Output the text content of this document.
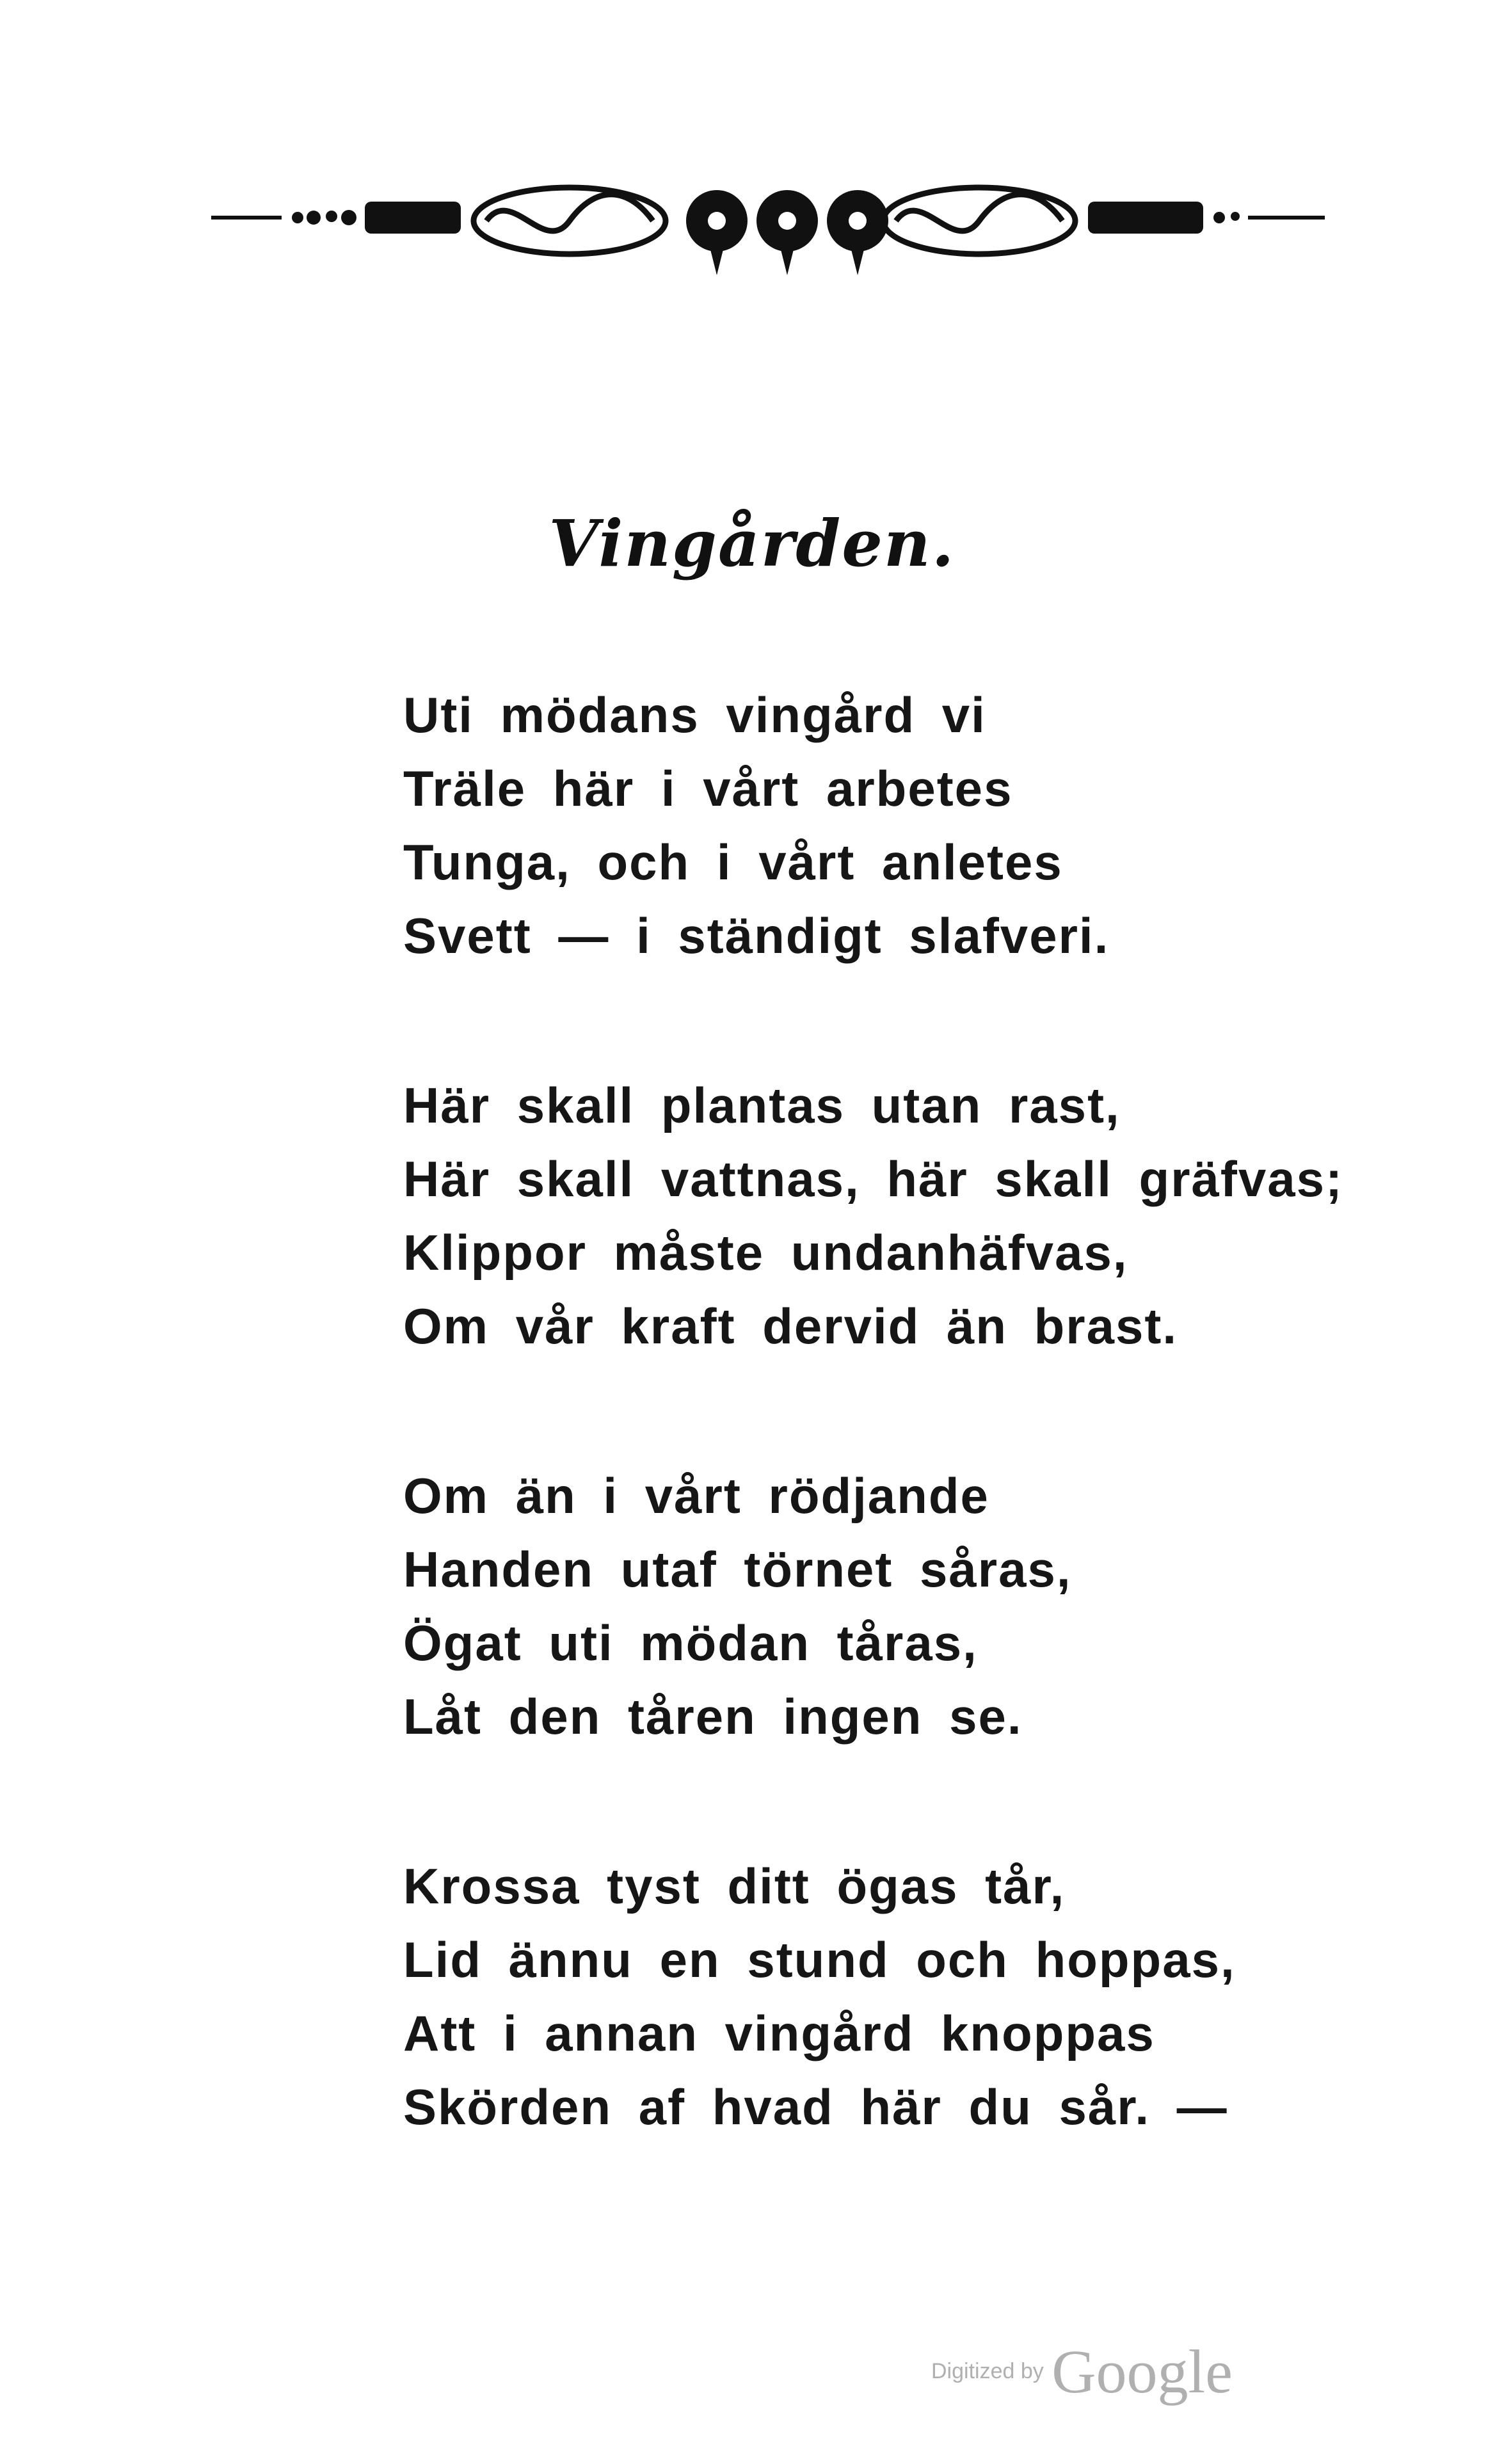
Vingården.
Uti mödans vingård vi
Träle här i vårt arbetes
Tunga, och i vårt anletes
Svett — i ständigt slafveri.
Här skall plantas utan rast,
Här skall vattnas, här skall gräfvas;
Klippor måste undanhäfvas,
Om vår kraft dervid än brast.
Om än i vårt rödjande
Handen utaf törnet såras,
Ögat uti mödan tåras,
Låt den tåren ingen se.
Krossa tyst ditt ögas tår,
Lid ännu en stund och hoppas,
Att i annan vingård knoppas
Skörden af hvad här du sår. —
Digitized by Google
